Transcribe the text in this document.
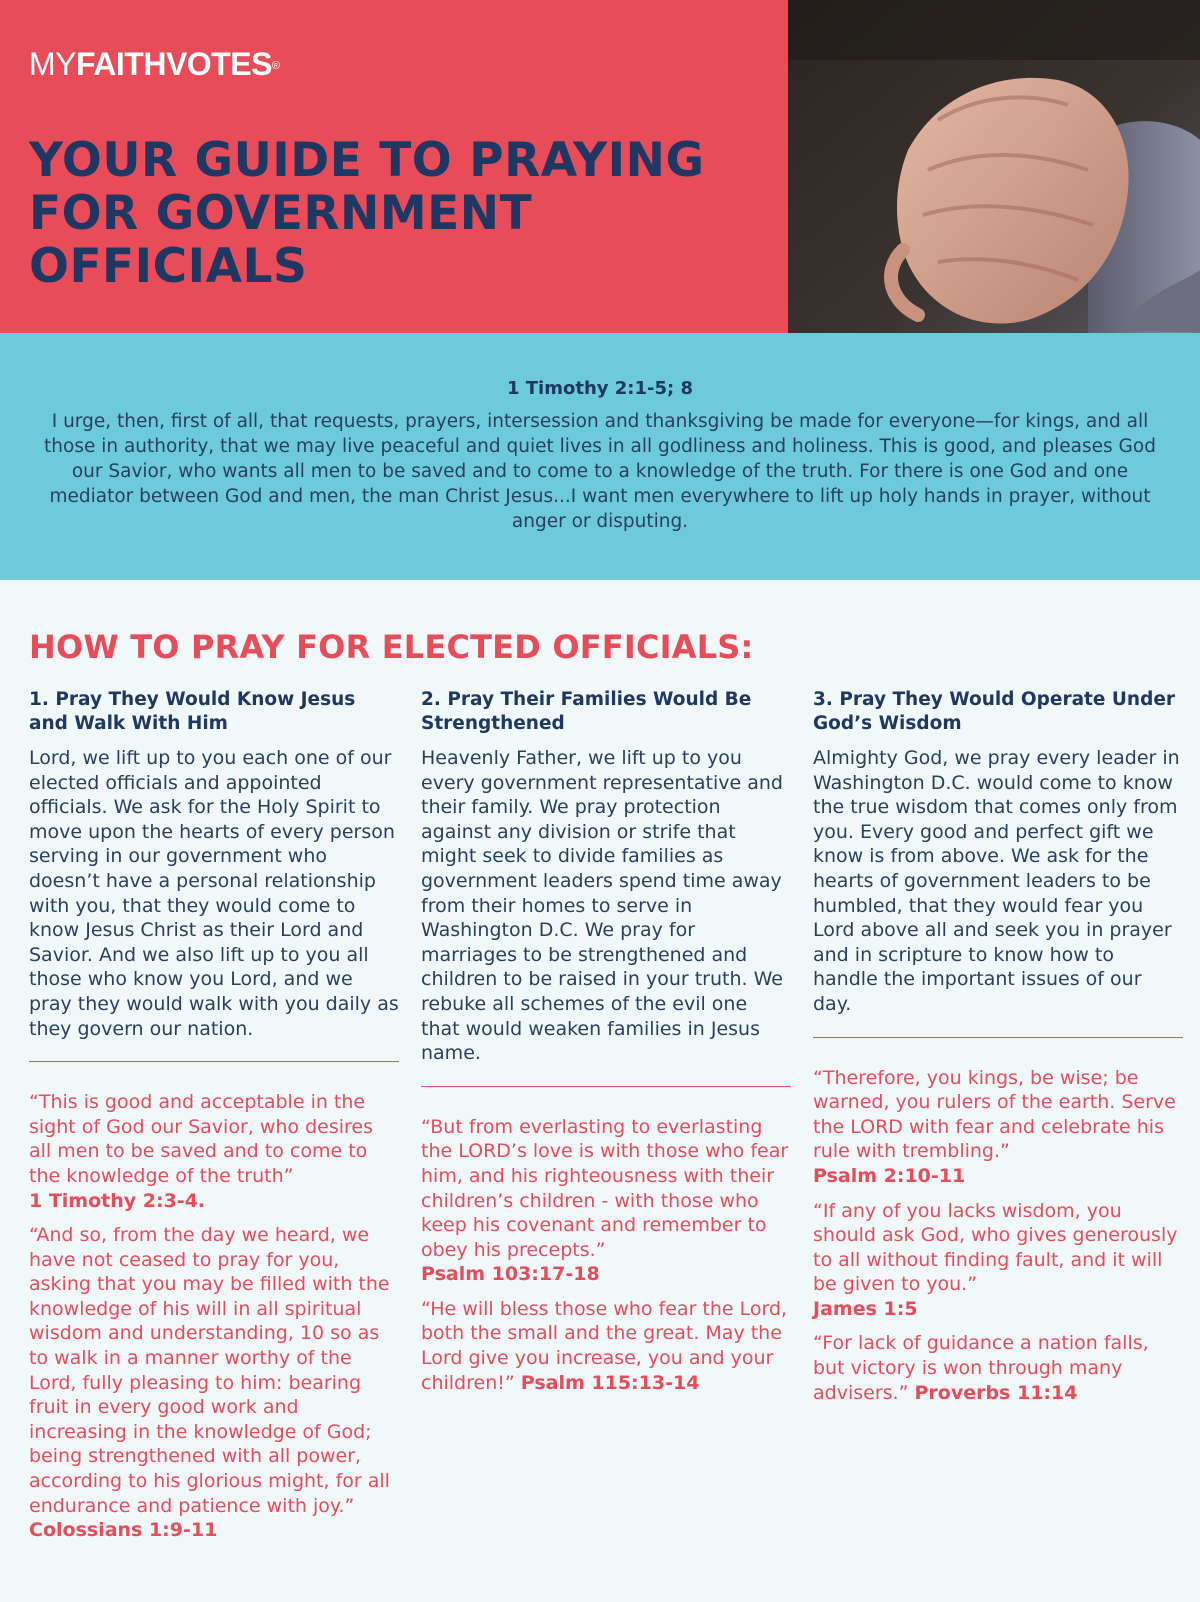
MYFAITHVOTES®
YOUR GUIDE TO PRAYING FOR GOVERNMENT OFFICIALS
1 Timothy 2:1-5; 8

I urge, then, first of all, that requests, prayers, intersession and thanksgiving be made for everyone—for kings, and all those in authority, that we may live peaceful and quiet lives in all godliness and holiness. This is good, and pleases God our Savior, who wants all men to be saved and to come to a knowledge of the truth. For there is one God and one mediator between God and men, the man Christ Jesus...I want men everywhere to lift up holy hands in prayer, without anger or disputing.

HOW TO PRAY FOR ELECTED OFFICIALS:
1. Pray They Would Know Jesus and Walk With Him

Lord, we lift up to you each one of our elected officials and appointed officials. We ask for the Holy Spirit to move upon the hearts of every person serving in our government who doesn’t have a personal relationship with you, that they would come to know Jesus Christ as their Lord and Savior. And we also lift up to you all those who know you Lord, and we pray they would walk with you daily as they govern our nation.

“This is good and acceptable in the sight of God our Savior, who desires all men to be saved and to come to the knowledge of the truth”
1 Timothy 2:3-4.

“And so, from the day we heard, we have not ceased to pray for you, asking that you may be filled with the knowledge of his will in all spiritual wisdom and understanding, 10 so as to walk in a manner worthy of the Lord, fully pleasing to him: bearing fruit in every good work and increasing in the knowledge of God; being strengthened with all power, according to his glorious might, for all endurance and patience with joy.” Colossians 1:9-11

2. Pray Their Families Would Be Strengthened

Heavenly Father, we lift up to you every government representative and their family. We pray protection against any division or strife that might seek to divide families as government leaders spend time away from their homes to serve in Washington D.C. We pray for marriages to be strengthened and children to be raised in your truth. We rebuke all schemes of the evil one that would weaken families in Jesus name.

“But from everlasting to everlasting the LORD’s love is with those who fear him, and his righteousness with their children’s children - with those who keep his covenant and remember to obey his precepts.”
Psalm 103:17-18

“He will bless those who fear the Lord, both the small and the great. May the Lord give you increase, you and your children!” Psalm 115:13-14

3. Pray They Would Operate Under God’s Wisdom

Almighty God, we pray every leader in Washington D.C. would come to know the true wisdom that comes only from you. Every good and perfect gift we know is from above. We ask for the hearts of government leaders to be humbled, that they would fear you Lord above all and seek you in prayer and in scripture to know how to handle the important issues of our day.

“Therefore, you kings, be wise; be warned, you rulers of the earth. Serve the LORD with fear and celebrate his rule with trembling.”
Psalm 2:10-11

“If any of you lacks wisdom, you should ask God, who gives generously to all without finding fault, and it will be given to you.”
James 1:5

“For lack of guidance a nation falls, but victory is won through many advisers.” Proverbs 11:14
